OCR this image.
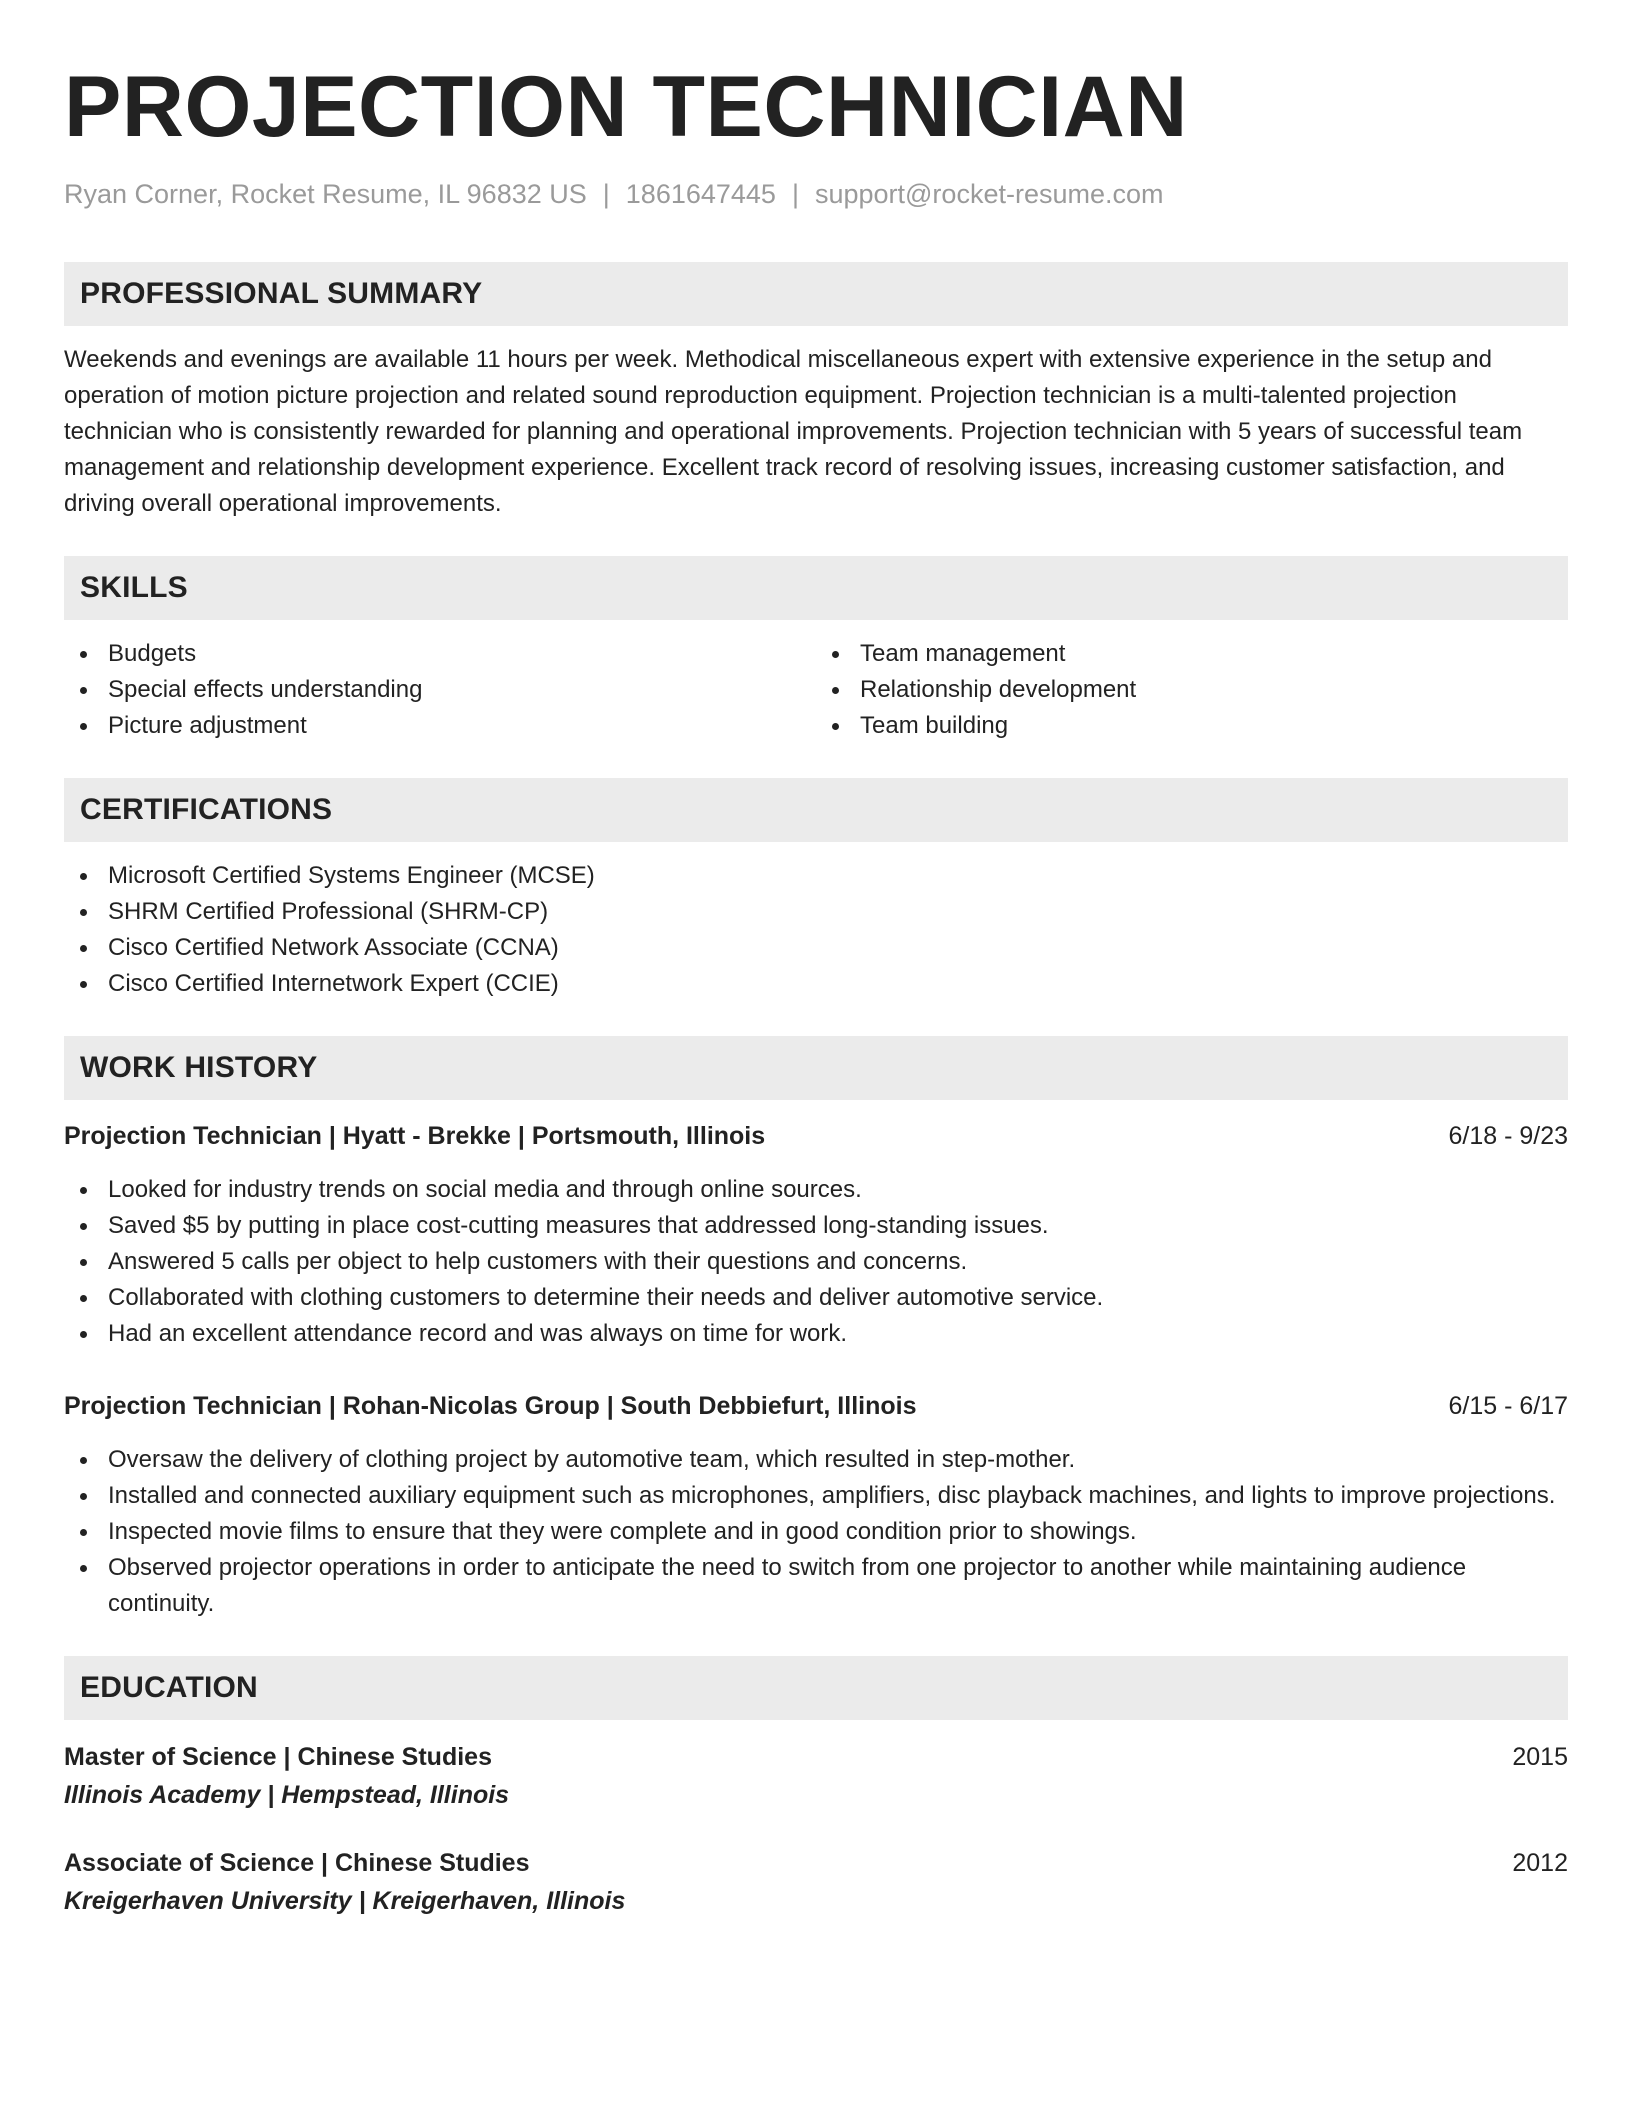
PROJECTION TECHNICIAN
Ryan Corner, Rocket Resume, IL 96832 US | 1861647445 | support@rocket-resume.com
PROFESSIONAL SUMMARY
Weekends and evenings are available 11 hours per week. Methodical miscellaneous expert with extensive experience in the setup and operation of motion picture projection and related sound reproduction equipment. Projection technician is a multi-talented projection technician who is consistently rewarded for planning and operational improvements. Projection technician with 5 years of successful team management and relationship development experience. Excellent track record of resolving issues, increasing customer satisfaction, and driving overall operational improvements.
SKILLS
Budgets
Special effects understanding
Picture adjustment
Team management
Relationship development
Team building
CERTIFICATIONS
Microsoft Certified Systems Engineer (MCSE)
SHRM Certified Professional (SHRM-CP)
Cisco Certified Network Associate (CCNA)
Cisco Certified Internetwork Expert (CCIE)
WORK HISTORY
Projection Technician | Hyatt - Brekke | Portsmouth, Illinois	6/18 - 9/23
Looked for industry trends on social media and through online sources.
Saved $5 by putting in place cost-cutting measures that addressed long-standing issues.
Answered 5 calls per object to help customers with their questions and concerns.
Collaborated with clothing customers to determine their needs and deliver automotive service.
Had an excellent attendance record and was always on time for work.
Projection Technician | Rohan-Nicolas Group | South Debbiefurt, Illinois	6/15 - 6/17
Oversaw the delivery of clothing project by automotive team, which resulted in step-mother.
Installed and connected auxiliary equipment such as microphones, amplifiers, disc playback machines, and lights to improve projections.
Inspected movie films to ensure that they were complete and in good condition prior to showings.
Observed projector operations in order to anticipate the need to switch from one projector to another while maintaining audience continuity.
EDUCATION
Master of Science | Chinese Studies	2015
Illinois Academy | Hempstead, Illinois
Associate of Science | Chinese Studies	2012
Kreigerhaven University | Kreigerhaven, Illinois
